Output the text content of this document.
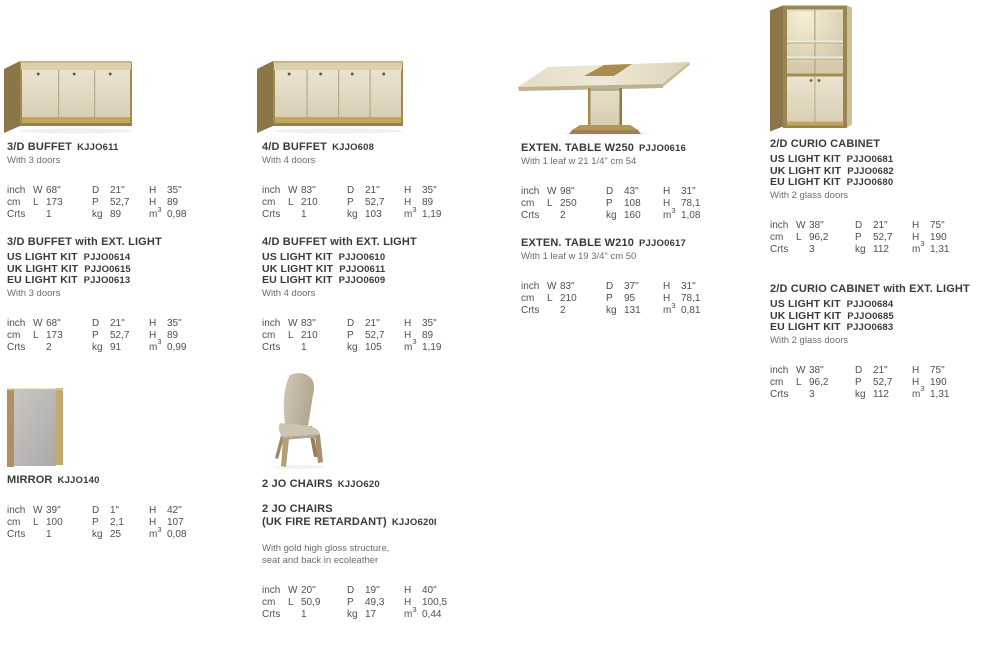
3/D BUFFET KJJO611
With 3 doors
inch W 68"	D 21"	H 35"
cm	L 173	P 52,7	H 89
Crts	1	kg 89	$m^3$ 0,98
3/D BUFFET with EXT. LIGHT
US LIGHT KIT PJJO0614
UK LIGHT KIT PJJO0615
EU LIGHT KIT PJJO0613
With 3 doors
inch W 68"	D 21"	H 35"
cm	L 173	P 52,7	H 89
Crts	2	kg 91	$m^3$ 0,99
MIRROR KJJO140
inch W 39"	D 1"	H 42"
cm	L 100	P 2,1	H 107
Crts	1	kg 25	$m^3$ 0,08
4/D BUFFET KJJO608
With 4 doors
inch W 83"	D 21"	H 35"
cm	L 210	P 52,7	H 89
Crts	1	kg 103	$m^3$ 1,19
4/D BUFFET with EXT. LIGHT
US LIGHT KIT PJJO0610
UK LIGHT KIT PJJO0611
EU LIGHT KIT PJJO0609
With 4 doors
inch W 83"	D 21"	H 35"
cm	L 210	P 52,7	H 89
Crts	1	kg 105	$m^3$ 1,19
2 JO CHAIRS KJJO620
2 JO CHAIRS
(UK FIRE RETARDANT) KJJO620I
With gold high gloss structure,
seat and back in ecoleather
inch W 20"	D 19"	H 40"
cm	L 50,9	P 49,3	H 100,5
Crts	1	kg 17	$m^3$ 0,44
EXTEN. TABLE W250 PJJO0616
With 1 leaf w 21 1/4" cm 54
inch W 98"	D 43"	H 31"
cm	L 250	P 108	H 78,1
Crts	2	kg 160	$m^3$ 1,08
EXTEN. TABLE W210 PJJO0617
With 1 leaf w 19 3/4" cm 50
inch W 83"	D 37"	H 31"
cm	L 210	P 95	H 78,1
Crts	2	kg 131	$m^3$ 0,81
2/D CURIO CABINET
US LIGHT KIT PJJO0681
UK LIGHT KIT PJJO0682
EU LIGHT KIT PJJO0680
With 2 glass doors
inch W 38"	D 21"	H 75"
cm	L 96,2	P 52,7	H 190
Crts	3	kg 112	$m^3$ 1,31
2/D CURIO CABINET with EXT. LIGHT
US LIGHT KIT PJJO0684
UK LIGHT KIT PJJO0685
EU LIGHT KIT PJJO0683
With 2 glass doors
inch W 38"	D 21"	H 75"
cm	L 96,2	P 52,7	H 190
Crts	3	kg 112	$m^3$ 1,31
